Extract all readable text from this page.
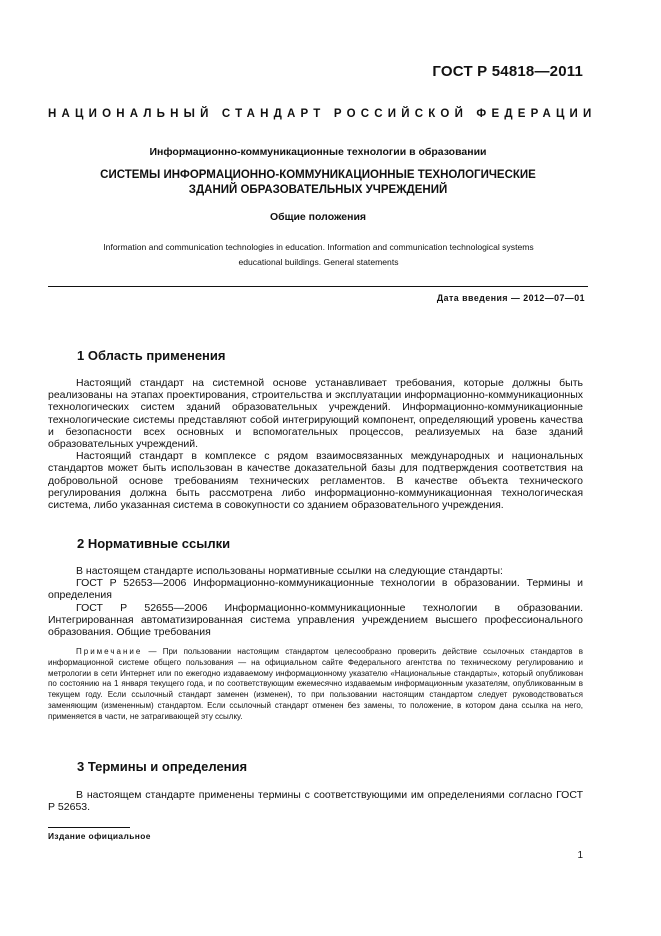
ГОСТ Р 54818—2011
НАЦИОНАЛЬНЫЙ СТАНДАРТ РОССИЙСКОЙ ФЕДЕРАЦИИ
Информационно-коммуникационные технологии в образовании
СИСТЕМЫ ИНФОРМАЦИОННО-КОММУНИКАЦИОННЫЕ ТЕХНОЛОГИЧЕСКИЕ
ЗДАНИЙ ОБРАЗОВАТЕЛЬНЫХ УЧРЕЖДЕНИЙ
Общие положения
Information and communication technologies in education. Information and communication technological systems
educational buildings. General statements
Дата введения — 2012—07—01
1 Область применения

Настоящий стандарт на системной основе устанавливает требования, которые должны быть реализованы на этапах проектирования, строительства и эксплуатации информационно-коммуникационных технологических систем зданий образовательных учреждений. Информационно-коммуникационные технологические системы представляют собой интегрирующий компонент, определяющий уровень качества и безопасности всех основных и вспомогательных процессов, реализуемых на базе зданий образовательных учреждений.

Настоящий стандарт в комплексе с рядом взаимосвязанных международных и национальных стандартов может быть использован в качестве доказательной базы для подтверждения соответствия на добровольной основе требованиям технических регламентов. В качестве объекта технического регулирования должна быть рассмотрена либо информационно-коммуникационная технологическая система, либо указанная система в совокупности со зданием образовательного учреждения.

2 Нормативные ссылки

В настоящем стандарте использованы нормативные ссылки на следующие стандарты:

ГОСТ Р 52653—2006 Информационно-коммуникационные технологии в образовании. Термины и определения

ГОСТ Р 52655—2006 Информационно-коммуникационные технологии в образовании. Интегрированная автоматизированная система управления учреждением высшего профессионального образования. Общие требования

Примечание — При пользовании настоящим стандартом целесообразно проверить действие ссылочных стандартов в информационной системе общего пользования — на официальном сайте Федерального агентства по техническому регулированию и метрологии в сети Интернет или по ежегодно издаваемому информационному указателю «Национальные стандарты», который опубликован по состоянию на 1 января текущего года, и по соответствующим ежемесячно издаваемым информационным указателям, опубликованным в текущем году. Если ссылочный стандарт заменен (изменен), то при пользовании настоящим стандартом следует руководствоваться заменяющим (измененным) стандартом. Если ссылочный стандарт отменен без замены, то положение, в котором дана ссылка на него, применяется в части, не затрагивающей эту ссылку.
3 Термины и определения

В настоящем стандарте применены термины с соответствующими им определениями согласно ГОСТ Р 52653.

Издание официальное
1
